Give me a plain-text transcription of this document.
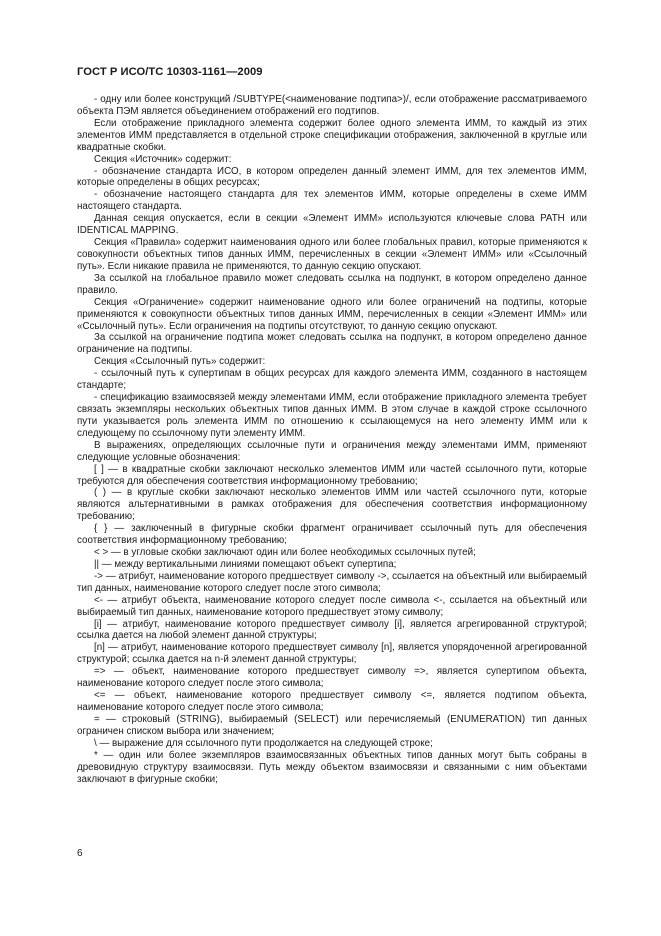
ГОСТ Р ИСО/ТС 10303-1161—2009

- одну или более конструкций /SUBTYPE(<наименование подтипа>)/, если отображение рассматриваемого объекта ПЭМ является объединением отображений его подтипов.

Если отображение прикладного элемента содержит более одного элемента ИММ, то каждый из этих элементов ИММ представляется в отдельной строке спецификации отображения, заключенной в круглые или квадратные скобки.

Секция «Источник» содержит:

- обозначение стандарта ИСО, в котором определен данный элемент ИММ, для тех элементов ИММ, которые определены в общих ресурсах;

- обозначение настоящего стандарта для тех элементов ИММ, которые определены в схеме ИММ настоящего стандарта.

Данная секция опускается, если в секции «Элемент ИММ» используются ключевые слова PATH или IDENTICAL MAPPING.

Секция «Правила» содержит наименования одного или более глобальных правил, которые применяются к совокупности объектных типов данных ИММ, перечисленных в секции «Элемент ИММ» или «Ссылочный путь». Если никакие правила не применяются, то данную секцию опускают.

За ссылкой на глобальное правило может следовать ссылка на подпункт, в котором определено данное правило.

Секция «Ограничение» содержит наименование одного или более ограничений на подтипы, которые применяются к совокупности объектных типов данных ИММ, перечисленных в секции «Элемент ИММ» или «Ссылочный путь». Если ограничения на подтипы отсутствуют, то данную секцию опускают.

За ссылкой на ограничение подтипа может следовать ссылка на подпункт, в котором определено данное ограничение на подтипы.

Секция «Ссылочный путь» содержит:

- ссылочный путь к супертипам в общих ресурсах для каждого элемента ИММ, созданного в настоящем стандарте;

- спецификацию взаимосвязей между элементами ИММ, если отображение прикладного элемента требует связать экземпляры нескольких объектных типов данных ИММ. В этом случае в каждой строке ссылочного пути указывается роль элемента ИММ по отношению к ссылающемуся на него элементу ИММ или к следующему по ссылочному пути элементу ИММ.

В выражениях, определяющих ссылочные пути и ограничения между элементами ИММ, применяют следующие условные обозначения:

[ ] — в квадратные скобки заключают несколько элементов ИММ или частей ссылочного пути, которые требуются для обеспечения соответствия информационному требованию;

( ) — в круглые скобки заключают несколько элементов ИММ или частей ссылочного пути, которые являются альтернативными в рамках отображения для обеспечения соответствия информационному требованию;

{ } — заключенный в фигурные скобки фрагмент ограничивает ссылочный путь для обеспечения соответствия информационному требованию;

< > — в угловые скобки заключают один или более необходимых ссылочных путей;

|| — между вертикальными линиями помещают объект супертипа;

-> — атрибут, наименование которого предшествует символу ->, ссылается на объектный или выбираемый тип данных, наименование которого следует после этого символа;

<- — атрибут объекта, наименование которого следует после символа <-, ссылается на объектный или выбираемый тип данных, наименование которого предшествует этому символу;

[i] — атрибут, наименование которого предшествует символу [i], является агрегированной структурой; ссылка дается на любой элемент данной структуры;

[n] — атрибут, наименование которого предшествует символу [n], является упорядоченной агрегированной структурой; ссылка дается на n-й элемент данной структуры;

=> — объект, наименование которого предшествует символу =>, является супертипом объекта, наименование которого следует после этого символа;

<= — объект, наименование которого предшествует символу <=, является подтипом объекта, наименование которого следует после этого символа;

= — строковый (STRING), выбираемый (SELECT) или перечисляемый (ENUMERATION) тип данных ограничен списком выбора или значением;

\ — выражение для ссылочного пути продолжается на следующей строке;

* — один или более экземпляров взаимосвязанных объектных типов данных могут быть собраны в древовидную структуру взаимосвязи. Путь между объектом взаимосвязи и связанными с ним объектами заключают в фигурные скобки;

6
